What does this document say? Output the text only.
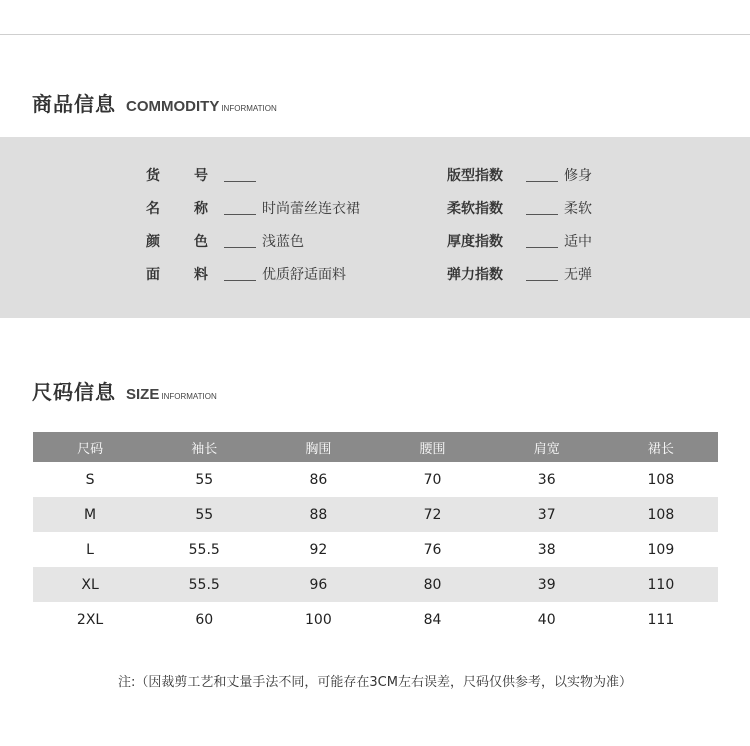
商品信息 COMMODITY INFORMATION
货 号
名 称	时尚蕾丝连衣裙
颜 色	浅蓝色
面 料	优质舒适面料
版型指数	修身
柔软指数	柔软
厚度指数	适中
弹力指数	无弹
尺码信息 SIZE INFORMATION
尺码	袖长	胸围	腰围	肩宽	裙长
S	55	86	70	36	108
M	55	88	72	37	108
L	55.5	92	76	38	109
XL	55.5	96	80	39	110
2XL	60	100	84	40	111
注:（因裁剪工艺和丈量手法不同，可能存在3CM左右误差，尺码仅供参考，以实物为准）
